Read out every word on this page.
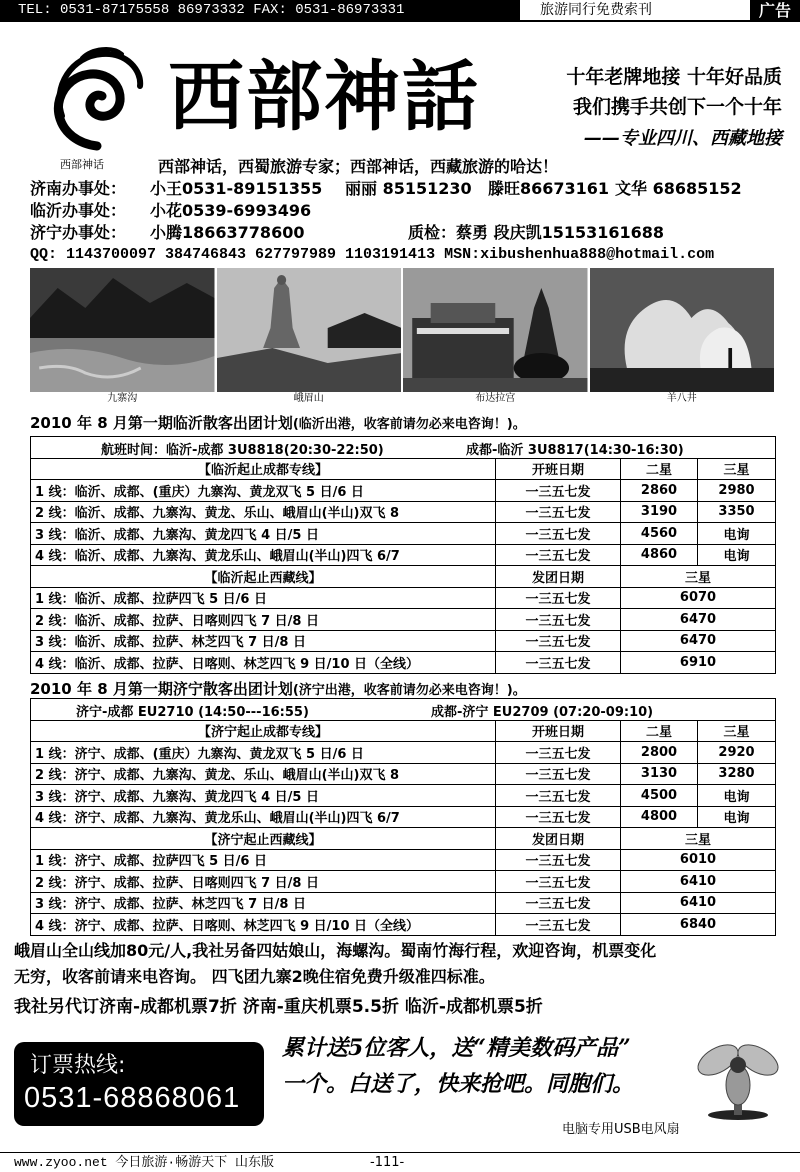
TEL: 0531-87175558 86973332 FAX: 0531-86973331	旅游同行免费索刊	广告
西部神话
西部神話	十年老牌地接 十年好品质
我们携手共创下一个十年
——专业四川、西藏地接
西部神话，西蜀旅游专家；西部神话，西藏旅游的哈达！
济南办事处： 小王0531-89151355 丽丽 85151230 滕旺86673161 文华 68685152
临沂办事处： 小花0539-6993496
济宁办事处： 小腾18663778600	质检：蔡勇 段庆凯15153161688
QQ: 1143700097 384746843 627797989 1103191413 MSN:xibushenhua888@hotmail.com
九寨沟	峨眉山	布达拉宫	羊八井
2010 年 8 月第一期临沂散客出团计划(临沂出港，收客前请勿必来电咨询！)。
航班时间：临沂-成都 3U8818(20:30-22:50) 成都-临沂 3U8817(14:30-16:30)			

【临沂起止成都专线】	开班日期	二星	三星
1 线：临沂、成都、(重庆）九寨沟、黄龙双飞 5 日/6 日	一三五七发	2860	2980
2 线：临沂、成都、九寨沟、黄龙、乐山、峨眉山(半山)双飞 8	一三五七发	3190	3350
3 线：临沂、成都、九寨沟、黄龙四飞 4 日/5 日	一三五七发	4560	电询
4 线：临沂、成都、九寨沟、黄龙乐山、峨眉山(半山)四飞 6/7	一三五七发	4860	电询
【临沂起止西藏线】	发团日期	三星	
1 线：临沂、成都、拉萨四飞 5 日/6 日	一三五七发	6070	
2 线：临沂、成都、拉萨、日喀则四飞 7 日/8 日	一三五七发	6470	
3 线：临沂、成都、拉萨、林芝四飞 7 日/8 日	一三五七发	6470	
4 线：临沂、成都、拉萨、日喀则、林芝四飞 9 日/10 日（全线）	一三五七发	6910	
2010 年 8 月第一期济宁散客出团计划(济宁出港，收客前请勿必来电咨询！)。
济宁-成都 EU2710 (14:50---16:55) 成都-济宁 EU2709 (07:20-09:10)			

【济宁起止成都专线】	开班日期	二星	三星
1 线：济宁、成都、(重庆）九寨沟、黄龙双飞 5 日/6 日	一三五七发	2800	2920
2 线：济宁、成都、九寨沟、黄龙、乐山、峨眉山(半山)双飞 8	一三五七发	3130	3280
3 线：济宁、成都、九寨沟、黄龙四飞 4 日/5 日	一三五七发	4500	电询
4 线：济宁、成都、九寨沟、黄龙乐山、峨眉山(半山)四飞 6/7	一三五七发	4800	电询
【济宁起止西藏线】	发团日期	三星	
1 线：济宁、成都、拉萨四飞 5 日/6 日	一三五七发	6010	
2 线：济宁、成都、拉萨、日喀则四飞 7 日/8 日	一三五七发	6410	
3 线：济宁、成都、拉萨、林芝四飞 7 日/8 日	一三五七发	6410	
4 线：济宁、成都、拉萨、日喀则、林芝四飞 9 日/10 日（全线）	一三五七发	6840	
峨眉山全山线加80元/人,我社另备四姑娘山，海螺沟。蜀南竹海行程，欢迎咨询，机票变化
无穷，收客前请来电咨询。 四飞团九寨2晚住宿免费升级准四标准。
我社另代订济南-成都机票7折 济南-重庆机票5.5折 临沂-成都机票5折
订票热线:
0531-68868061
累计送5位客人，送“精美数码产品”
一个。白送了，快来抢吧。同胞们。
电脑专用USB电风扇
www.zyoo.net 今日旅游·畅游天下 山东版	-111-
